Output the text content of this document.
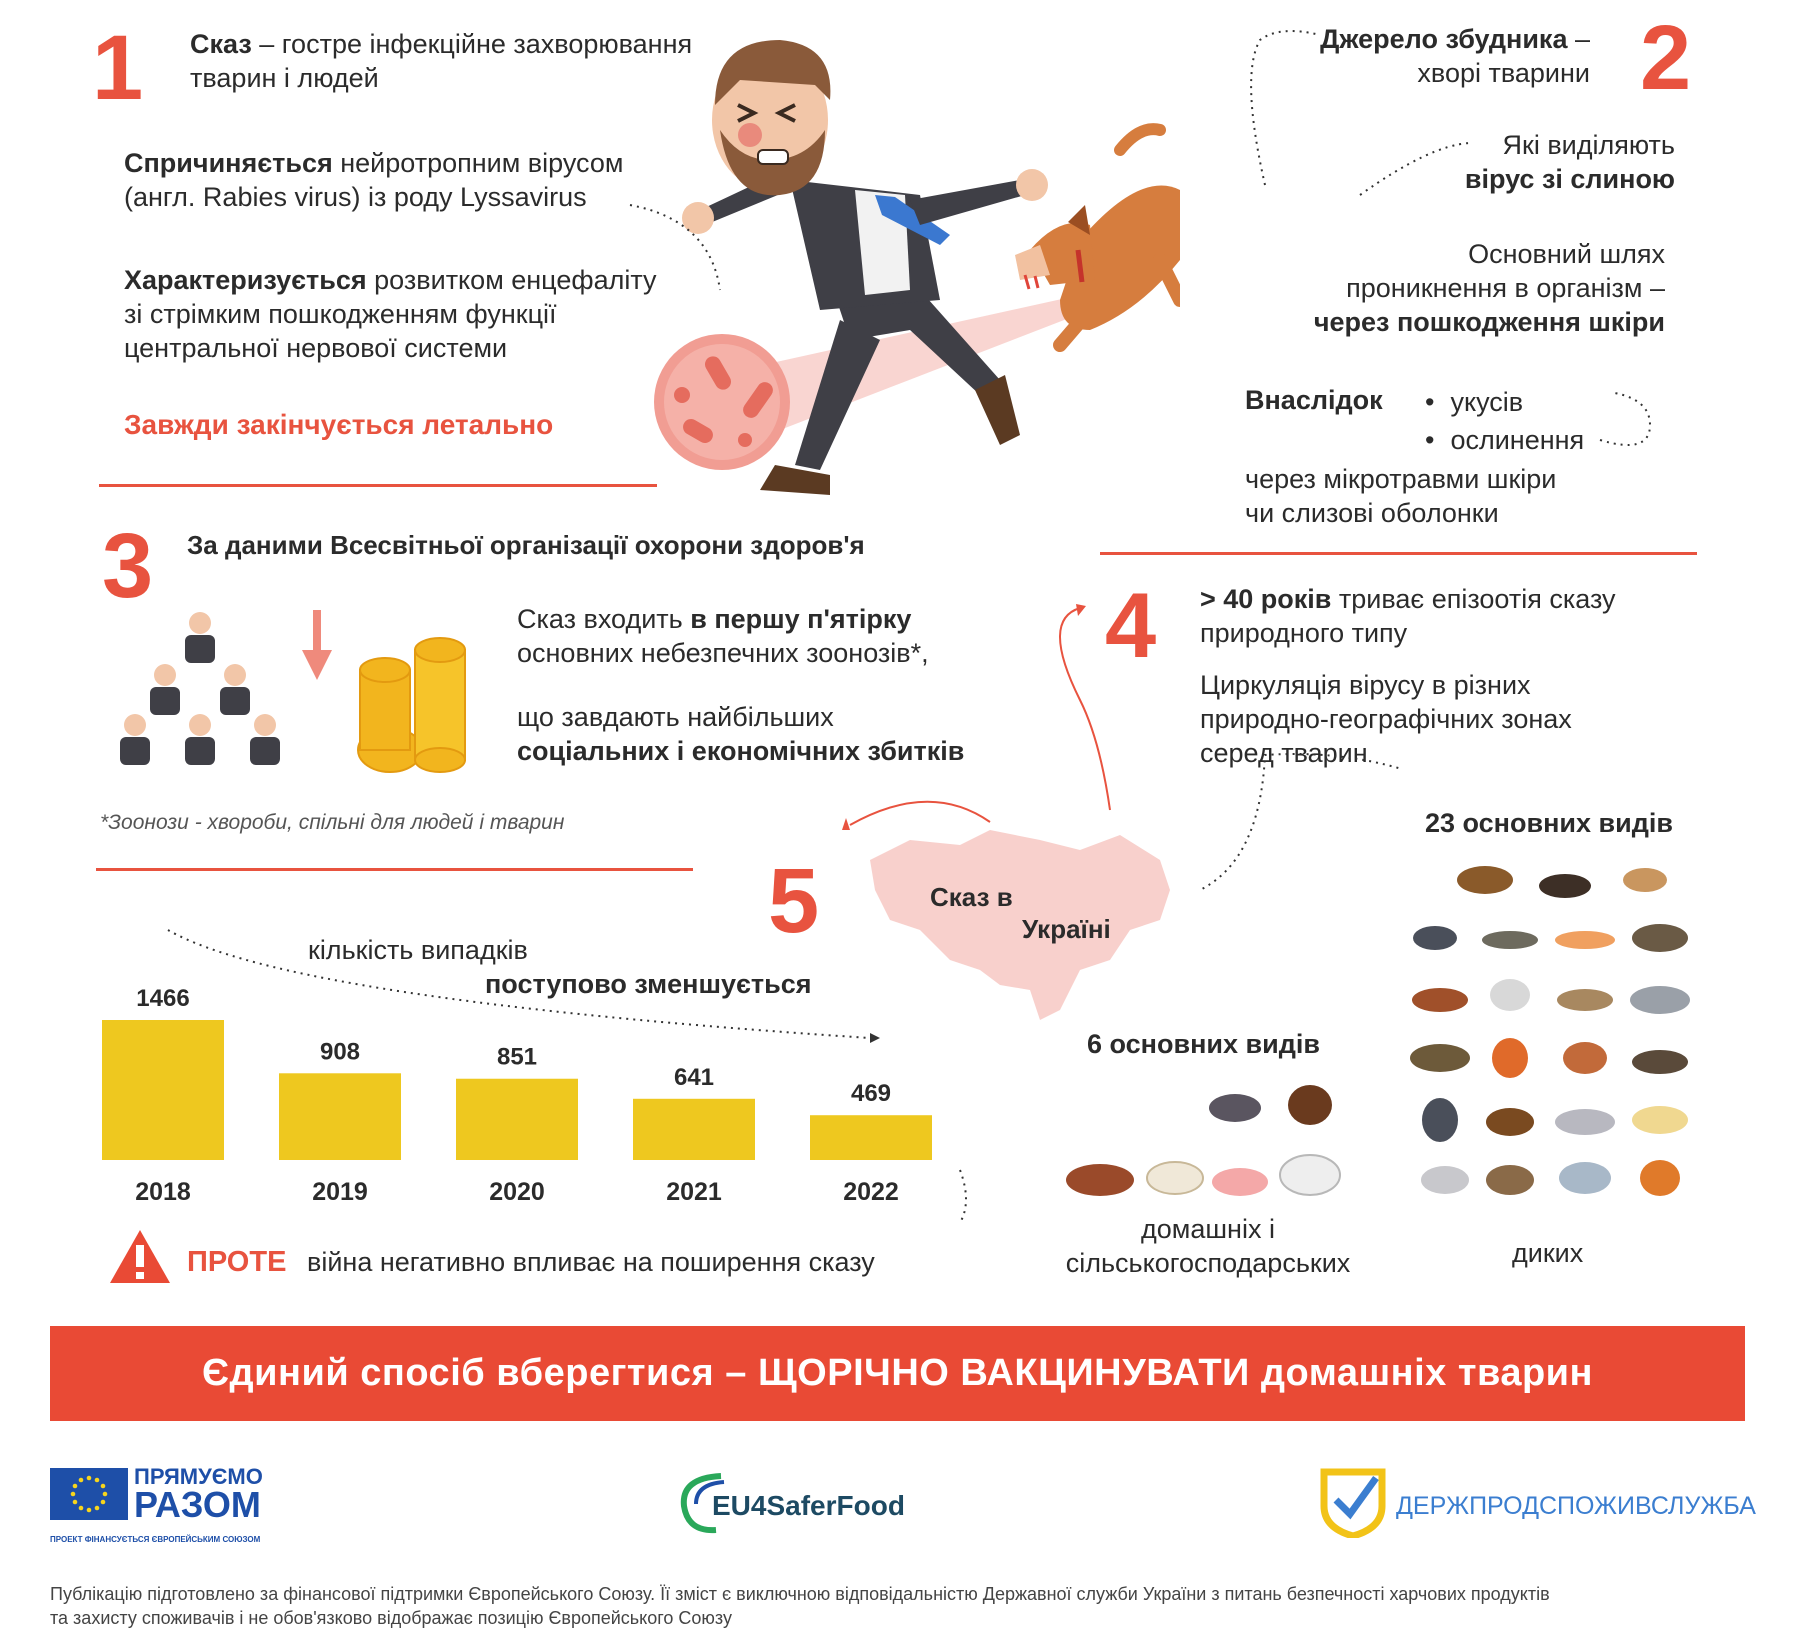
1 Сказ – гостре інфекційне захворювання
тварин і людей
Спричиняється нейротропним вірусом
(англ. Rabies virus) із роду Lyssavirus
Характеризується розвитком енцефаліту
зі стрімким пошкодженням функції
центральної нервової системи
Завжди закінчується летально
2
Джерело збудника –
хворі тварини
Які виділяють
вірус зі слиною
Основний шлях
проникнення в організм –
через пошкодження шкіри
Внаслідок
•	укусів
• ослинення
через мікротравми шкіри
чи слизові оболонки
3 За даними Всесвітньої організації охорони здоров'я
Сказ входить в першу п'ятірку
основних небезпечних зоонозів*,
що завдають найбільших
соціальних і економічних збитків
*Зоонози - хвороби, спільні для людей і тварин
4 > 40 років триває епізоотія сказу
природного типу
Циркуляція вірусу в різних
природно-географічних зонах
серед тварин
23 основних видів
диких
6 основних видів
домашніх і
сільськогосподарських
5	Сказ в
Україні
кількість випадків
поступово зменшується
1466
2018
908
2019
851
2020
641
2021
469
2022
ПРОТЕ війна негативно впливає на поширення сказу
Єдиний спосіб вберегтися – ЩОРІЧНО ВАКЦИНУВАТИ домашніх тварин
ПРЯМУЄМО
РАЗОМ
ПРОЕКТ ФІНАНСУЄТЬСЯ ЄВРОПЕЙСЬКИМ СОЮЗОМ
EU4SaferFood	ДЕРЖПРОДСПОЖИВСЛУЖБА
Публікацію підготовлено за фінансової підтримки Європейського Союзу. Її зміст є виключною відповідальністю Державної служби України з питань безпечності харчових продуктів
та захисту споживачів і не обов'язково відображає позицію Європейського Союзу
